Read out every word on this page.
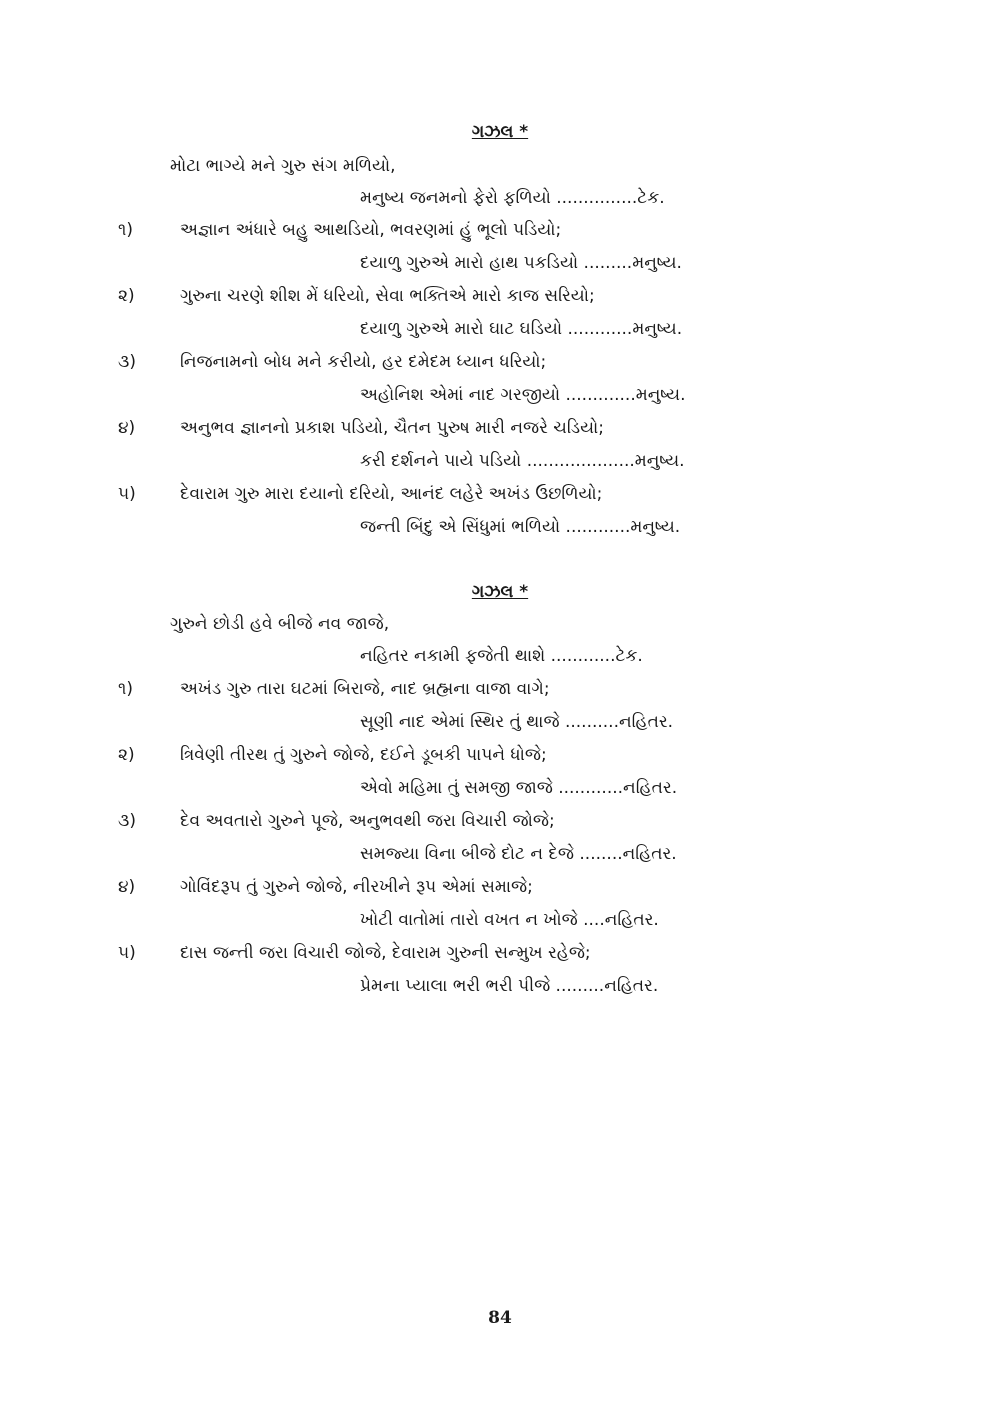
ગઝલ *
મોટા ભાગ્યે મને ગુરુ સંગ મળિયો,
મનુષ્ય જનમનો ફેરો ફળિયો ...............ટેક.
૧)	અજ્ઞાન અંધારે બહુ આથડિયો, ભવરણમાં હું ભૂલો પડિયો;
દયાળુ ગુરુએ મારો હાથ પકડિયો .........મનુષ્ય.
૨)	ગુરુના ચરણે શીશ મેં ધરિયો, સેવા ભક્તિએ મારો કાજ સરિયો;
દયાળુ ગુરુએ મારો ઘાટ ઘડિયો ............મનુષ્ય.
૩)	નિજનામનો બોધ મને કરીયો, હર દમેદમ ધ્યાન ધરિયો;
અહોનિશ એમાં નાદ ગરજીયો .............મનુષ્ય.
૪)	અનુભવ જ્ઞાનનો પ્રકાશ પડિયો, ચૈતન પુરુષ મારી નજરે ચડિયો;
કરી દર્શનને પાયે પડિયો ....................મનુષ્ય.
૫)	દેવારામ ગુરુ મારા દયાનો દરિયો, આનંદ લહેરે અખંડ ઉછળિયો;
જન્તી બિંદુ એ સિંધુમાં ભળિયો ............મનુષ્ય.
ગઝલ *
ગુરુને છોડી હવે બીજે નવ જાજે,
નહિતર નકામી ફજેતી થાશે ............ટેક.
૧)	અખંડ ગુરુ તારા ઘટમાં બિરાજે, નાદ બ્રહ્મના વાજા વાગે;
સૂણી નાદ એમાં સ્થિર તું થાજે ..........નહિતર.
૨)	ત્રિવેણી તીરથ તું ગુરુને જોજે, દઈને ડૂબકી પાપને ધોજે;
એવો મહિમા તું સમજી જાજે ............નહિતર.
૩)	દેવ અવતારો ગુરુને પૂજે, અનુભવથી જરા વિચારી જોજે;
સમજ્યા વિના બીજે દોટ ન દેજે ........નહિતર.
૪)	ગોવિંદરૂપ તું ગુરુને જોજે, નીરખીને રૂપ એમાં સમાજે;
ખોટી વાતોમાં તારો વખત ન ખોજે ....નહિતર.
૫)	દાસ જન્તી જરા વિચારી જોજે, દેવારામ ગુરુની સન્મુખ રહેજે;
પ્રેમના પ્યાલા ભરી ભરી પીજે .........નહિતર.
84
